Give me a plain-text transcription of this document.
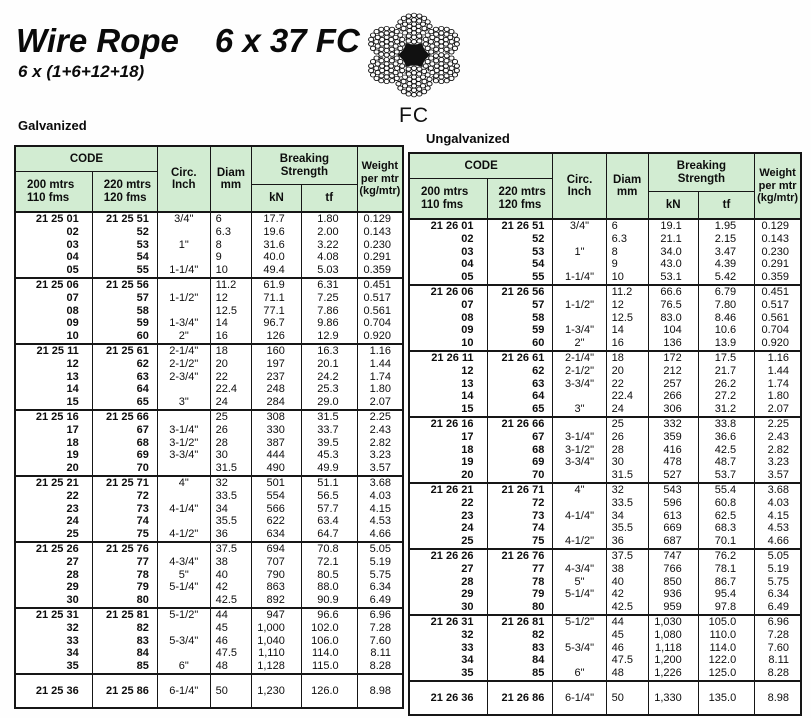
Wire Rope 6 x 37 FC
6 x (1+6+12+18)
FC
Galvanized
Ungalvanized
CODE		Circ.
Inch	Diam
mm	Breaking
Strength		Weight
per mtr
(kg/mtr)
200 mtrs
110 fms	220 mtrs
120 fms					
				kN	tf	
21 25 01	21 25 51	3/4"	6	17.7	1.80	0.129
02	52		6.3	19.6	2.00	0.143
03	53	1"	8	31.6	3.22	0.230
04	54		9	40.0	4.08	0.291
05	55	1-1/4"	10	49.4	5.03	0.359
21 25 06	21 25 56		11.2	61.9	6.31	0.451
07	57	1-1/2"	12	71.1	7.25	0.517
08	58		12.5	77.1	7.86	0.561
09	59	1-3/4"	14	96.7	9.86	0.704
10	60	2"	16	126	12.9	0.920
21 25 11	21 25 61	2-1/4"	18	160	16.3	1.16
12	62	2-1/2"	20	197	20.1	1.44
13	63	2-3/4"	22	237	24.2	1.74
14	64		22.4	248	25.3	1.80
15	65	3"	24	284	29.0	2.07
21 25 16	21 25 66		25	308	31.5	2.25
17	67	3-1/4"	26	330	33.7	2.43
18	68	3-1/2"	28	387	39.5	2.82
19	69	3-3/4"	30	444	45.3	3.23
20	70		31.5	490	49.9	3.57
21 25 21	21 25 71	4"	32	501	51.1	3.68
22	72		33.5	554	56.5	4.03
23	73	4-1/4"	34	566	57.7	4.15
24	74		35.5	622	63.4	4.53
25	75	4-1/2"	36	634	64.7	4.66
21 25 26	21 25 76		37.5	694	70.8	5.05
27	77	4-3/4"	38	707	72.1	5.19
28	78	5"	40	790	80.5	5.75
29	79	5-1/4"	42	863	88.0	6.34
30	80		42.5	892	90.9	6.49
21 25 31	21 25 81	5-1/2"	44	947	96.6	6.96
32	82		45	1,000	102.0	7.28
33	83	5-3/4"	46	1,040	106.0	7.60
34	84		47.5	1,110	114.0	8.11
35	85	6"	48	1,128	115.0	8.28
21 25 36	21 25 86	6-1/4"	50	1,230	126.0	8.98
CODE		Circ.
Inch	Diam
mm	Breaking
Strength		Weight
per mtr
(kg/mtr)
200 mtrs
110 fms	220 mtrs
120 fms					
				kN	tf	
21 26 01	21 26 51	3/4"	6	19.1	1.95	0.129
02	52		6.3	21.1	2.15	0.143
03	53	1"	8	34.0	3.47	0.230
04	54		9	43.0	4.39	0.291
05	55	1-1/4"	10	53.1	5.42	0.359
21 26 06	21 26 56		11.2	66.6	6.79	0.451
07	57	1-1/2"	12	76.5	7.80	0.517
08	58		12.5	83.0	8.46	0.561
09	59	1-3/4"	14	104	10.6	0.704
10	60	2"	16	136	13.9	0.920
21 26 11	21 26 61	2-1/4"	18	172	17.5	1.16
12	62	2-1/2"	20	212	21.7	1.44
13	63	3-3/4"	22	257	26.2	1.74
14	64		22.4	266	27.2	1.80
15	65	3"	24	306	31.2	2.07
21 26 16	21 26 66		25	332	33.8	2.25
17	67	3-1/4"	26	359	36.6	2.43
18	68	3-1/2"	28	416	42.5	2.82
19	69	3-3/4"	30	478	48.7	3.23
20	70		31.5	527	53.7	3.57
21 26 21	21 26 71	4"	32	543	55.4	3.68
22	72		33.5	596	60.8	4.03
23	73	4-1/4"	34	613	62.5	4.15
24	74		35.5	669	68.3	4.53
25	75	4-1/2"	36	687	70.1	4.66
21 26 26	21 26 76		37.5	747	76.2	5.05
27	77	4-3/4"	38	766	78.1	5.19
28	78	5"	40	850	86.7	5.75
29	79	5-1/4"	42	936	95.4	6.34
30	80		42.5	959	97.8	6.49
21 26 31	21 26 81	5-1/2"	44	1,030	105.0	6.96
32	82		45	1,080	110.0	7.28
33	83	5-3/4"	46	1,118	114.0	7.60
34	84		47.5	1,200	122.0	8.11
35	85	6"	48	1,226	125.0	8.28
21 26 36	21 26 86	6-1/4"	50	1,330	135.0	8.98
